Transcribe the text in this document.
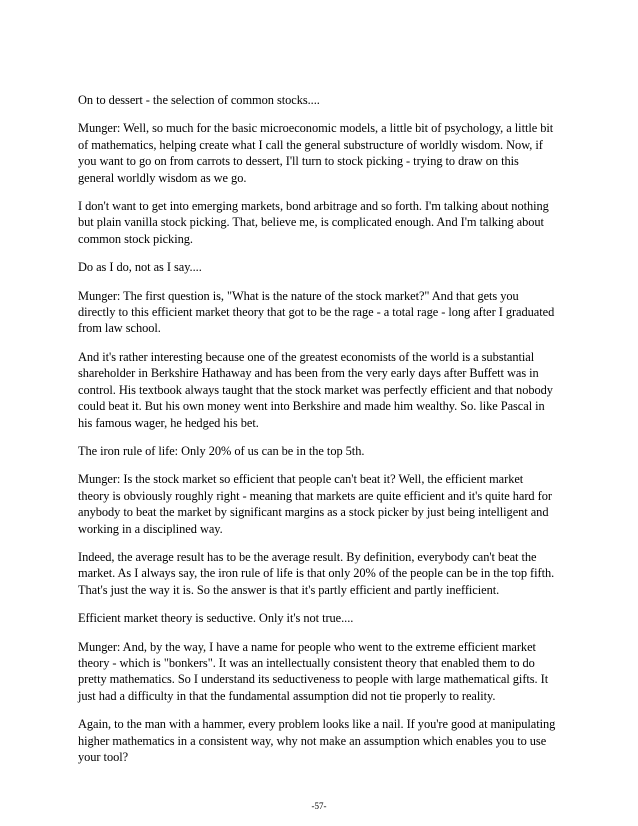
On to dessert - the selection of common stocks....

Munger: Well, so much for the basic microeconomic models, a little bit of psychology, a little bit
of mathematics, helping create what I call the general substructure of worldly wisdom. Now, if
you want to go on from carrots to dessert, I'll turn to stock picking - trying to draw on this
general worldly wisdom as we go.

I don't want to get into emerging markets, bond arbitrage and so forth. I'm talking about nothing
but plain vanilla stock picking. That, believe me, is complicated enough. And I'm talking about
common stock picking.

Do as I do, not as I say....

Munger: The first question is, "What is the nature of the stock market?" And that gets you
directly to this efficient market theory that got to be the rage - a total rage - long after I graduated
from law school.

And it's rather interesting because one of the greatest economists of the world is a substantial
shareholder in Berkshire Hathaway and has been from the very early days after Buffett was in
control. His textbook always taught that the stock market was perfectly efficient and that nobody
could beat it. But his own money went into Berkshire and made him wealthy. So. like Pascal in
his famous wager, he hedged his bet.

The iron rule of life: Only 20% of us can be in the top 5th.

Munger: Is the stock market so efficient that people can't beat it? Well, the efficient market
theory is obviously roughly right - meaning that markets are quite efficient and it's quite hard for
anybody to beat the market by significant margins as a stock picker by just being intelligent and
working in a disciplined way.

Indeed, the average result has to be the average result. By definition, everybody can't beat the
market. As I always say, the iron rule of life is that only 20% of the people can be in the top fifth.
That's just the way it is. So the answer is that it's partly efficient and partly inefficient.

Efficient market theory is seductive. Only it's not true....

Munger: And, by the way, I have a name for people who went to the extreme efficient market
theory - which is "bonkers". It was an intellectually consistent theory that enabled them to do
pretty mathematics. So I understand its seductiveness to people with large mathematical gifts. It
just had a difficulty in that the fundamental assumption did not tie properly to reality.

Again, to the man with a hammer, every problem looks like a nail. If you're good at manipulating
higher mathematics in a consistent way, why not make an assumption which enables you to use
your tool?

-57-
